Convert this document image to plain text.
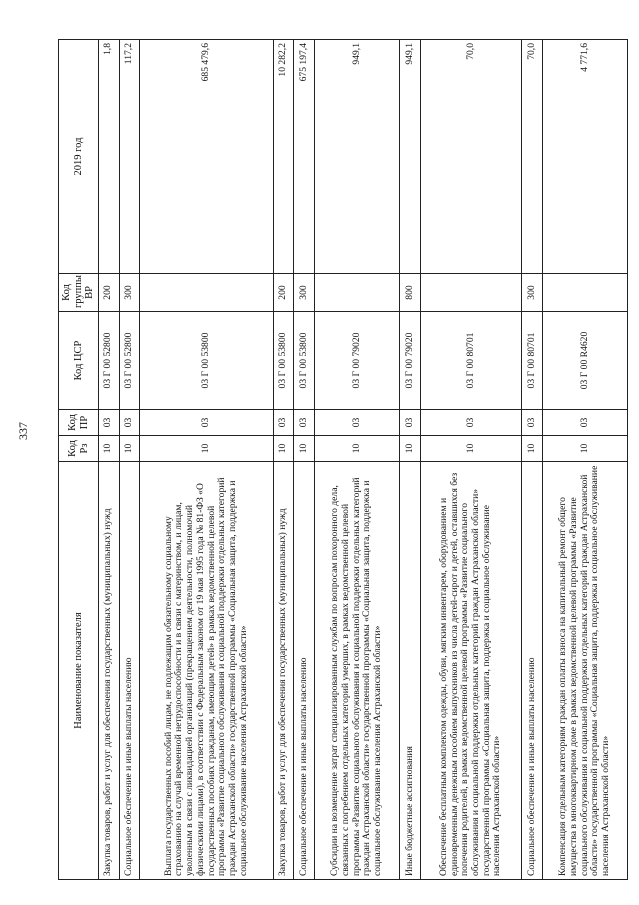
337
Наименование показателя	Код Рз	Код ПР	Код ЦСР	Код группы ВР	2019 год
Закупка товаров, работ и услуг для обеспечения государственных (муниципальных) нужд	10	03	03 Г 00 52800	200	1,8
Социальное обеспечение и иные выплаты населению	10	03	03 Г 00 52800	300	117,2
Выплата государственных пособий лицам, не подлежащим обязательному социальному страхованию на случай временной нетрудоспособности и в связи с материнством, и лицам, уволенным в связи с ликвидацией организаций (прекращением деятельности, полномочий физическими лицами), в соответствии с Федеральным законом от 19 мая 1995 года № 81-ФЗ «О государственных пособиях гражданам, имеющим детей» в рамках ведомственной целевой программы «Развитие социального обслуживания и социальной поддержки отдельных категорий граждан Астраханской области» государственной программы «Социальная защита, поддержка и социальное обслуживание населения Астраханской области»	10	03	03 Г 00 53800		685 479,6
Закупка товаров, работ и услуг для обеспечения государственных (муниципальных) нужд	10	03	03 Г 00 53800	200	10 282,2
Социальное обеспечение и иные выплаты населению	10	03	03 Г 00 53800	300	675 197,4
Субсидии на возмещение затрат специализированным службам по вопросам похоронного дела, связанных с погребением отдельных категорий умерших, в рамках ведомственной целевой программы «Развитие социального обслуживания и социальной поддержки отдельных категорий граждан Астраханской области» государственной программы «Социальная защита, поддержка и социальное обслуживание населения Астраханской области»	10	03	03 Г 00 79020		949,1
Иные бюджетные ассигнования	10	03	03 Г 00 79020	800	949,1
Обеспечение бесплатным комплектом одежды, обуви, мягким инвентарем, оборудованием и единовременным денежным пособием выпускников из числа детей-сирот и детей, оставшихся без попечения родителей, в рамках ведомственной целевой программы «Развитие социального обслуживания и социальной поддержки отдельных категорий граждан Астраханской области» государственной программы «Социальная защита, поддержка и социальное обслуживание населения Астраханской области»	10	03	03 Г 00 80701		70,0
Социальное обеспечение и иные выплаты населению	10	03	03 Г 00 80701	300	70,0
Компенсация отдельным категориям граждан оплаты взноса на капитальный ремонт общего имущества в многоквартирном доме в рамках ведомственной целевой программы «Развитие социального обслуживания и социальной поддержки отдельных категорий граждан Астраханской области» государственной программы «Социальная защита, поддержка и социальное обслуживание населения Астраханской области»	10	03	03 Г 00 R4620		4 771,6
